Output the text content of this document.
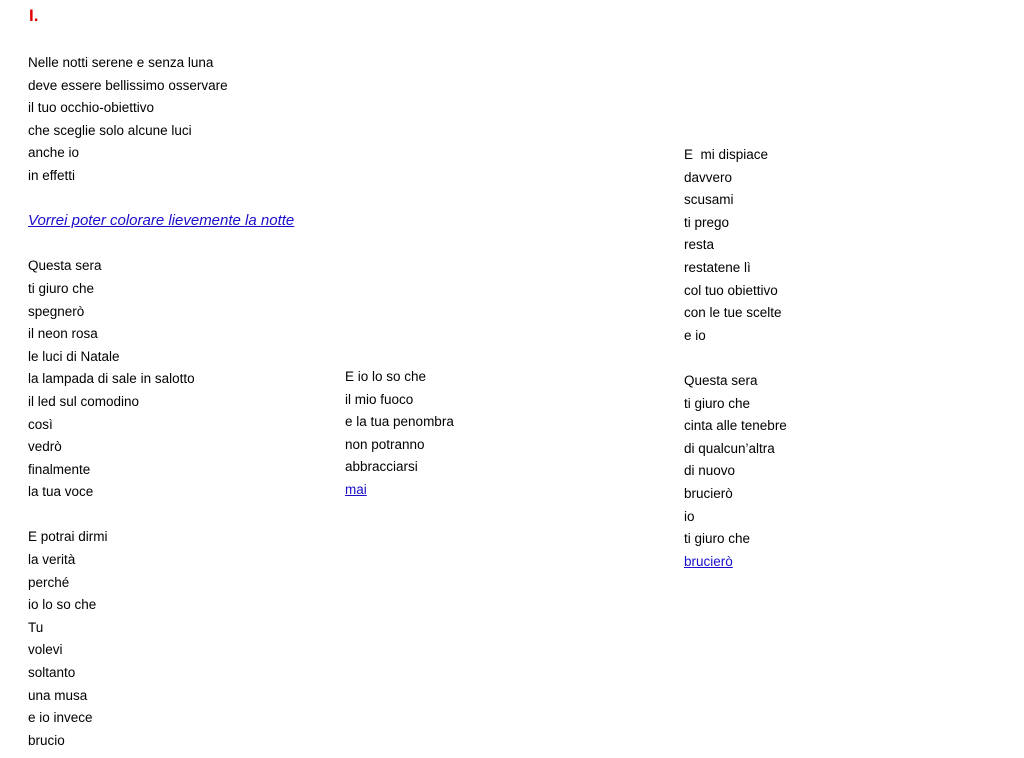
I.
Nelle notti serene e senza luna
deve essere bellissimo osservare
il tuo occhio-obiettivo
che sceglie solo alcune luci
anche io
in effetti
Vorrei poter colorare lievemente la notte
Questa sera
ti giuro che
spegnerò
il neon rosa
le luci di Natale
la lampada di sale in salotto
il led sul comodino
così
vedrò
finalmente
la tua voce
E potrai dirmi
la verità
perché
io lo so che
Tu
volevi
soltanto
una musa
e io invece
brucio
E io lo so che
il mio fuoco
e la tua penombra
non potranno
abbracciarsi
mai
E  mi dispiace
davvero
scusami
ti prego
resta
restatene lì
col tuo obiettivo
con le tue scelte
e io
Questa sera
ti giuro che
cinta alle tenebre
di qualcun’altra
di nuovo
brucierò
io
ti giuro che
brucierò
